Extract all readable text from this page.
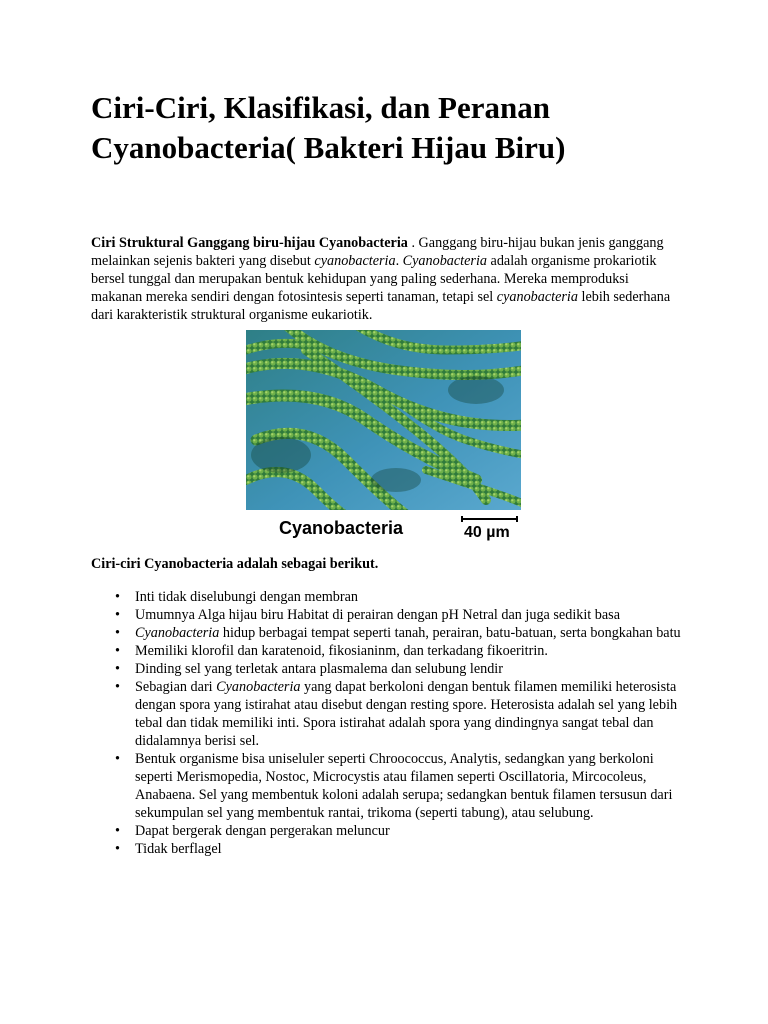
Ciri-Ciri, Klasifikasi, dan Peranan
Cyanobacteria( Bakteri Hijau Biru)

Ciri Struktural Ganggang biru-hijau Cyanobacteria . Ganggang biru-hijau bukan jenis ganggang melainkan sejenis bakteri yang disebut cyanobacteria. Cyanobacteria adalah organisme prokariotik bersel tunggal dan merupakan bentuk kehidupan yang paling sederhana. Mereka memproduksi makanan mereka sendiri dengan fotosintesis seperti tanaman, tetapi sel cyanobacteria lebih sederhana dari karakteristik struktural organisme eukariotik.

Cyanobacteria	40 µm
Ciri-ciri Cyanobacteria adalah sebagai berikut.
• Inti tidak diselubungi dengan membran
• Umumnya Alga hijau biru Habitat di perairan dengan pH Netral dan juga sedikit basa
• Cyanobacteria hidup berbagai tempat seperti tanah, perairan, batu-batuan, serta bongkahan batu
• Memiliki klorofil dan karatenoid, fikosianinm, dan terkadang fikoeritrin.
• Dinding sel yang terletak antara plasmalema dan selubung lendir
• Sebagian dari Cyanobacteria yang dapat berkoloni dengan bentuk filamen memiliki heterosista dengan spora yang istirahat atau disebut dengan resting spore. Heterosista adalah sel yang lebih tebal dan tidak memiliki inti. Spora istirahat adalah spora yang dindingnya sangat tebal dan didalamnya berisi sel.
• Bentuk organisme bisa uniseluler seperti Chroococcus, Analytis, sedangkan yang berkoloni seperti Merismopedia, Nostoc, Microcystis atau filamen seperti Oscillatoria, Mircocoleus, Anabaena. Sel yang membentuk koloni adalah serupa; sedangkan bentuk filamen tersusun dari sekumpulan sel yang membentuk rantai, trikoma (seperti tabung), atau selubung.
• Dapat bergerak dengan pergerakan meluncur
• Tidak berflagel
